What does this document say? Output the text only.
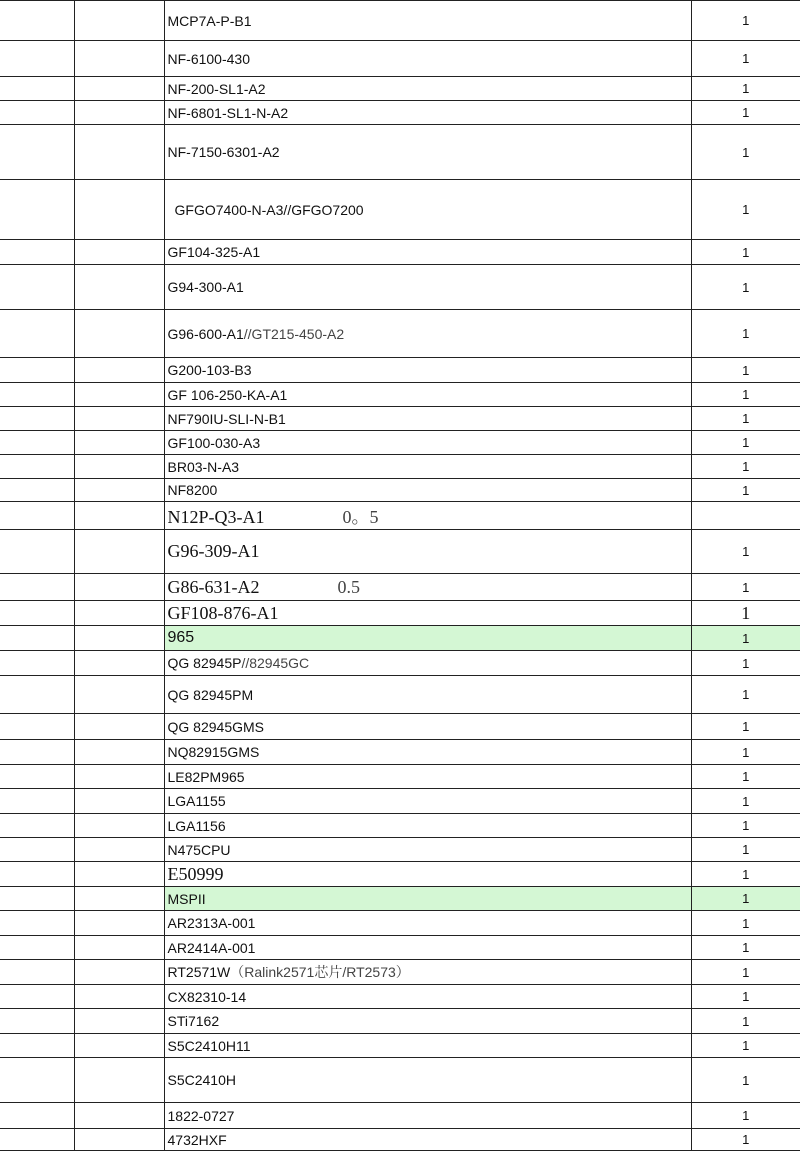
		MCP7A-P-B1	1
		NF-6100-430	1
		NF-200-SL1-A2	1
		NF-6801-SL1-N-A2	1
		NF-7150-6301-A2	1
		GFGO7400-N-A3//GFGO7200	1
		GF104-325-A1	1
		G94-300-A1	1
		G96-600-A1//GT215-450-A2	1
		G200-103-B3	1
		GF 106-250-KA-A1	1
		NF790IU-SLI-N-B1	1
		GF100-030-A3	1
		BR03-N-A3	1
		NF8200	1
		N12P-Q3-A1 0。5	
		G96-309-A1	1
		G86-631-A2 0.5	1
		GF108-876-A1	1
		965	1
		QG 82945P//82945GC	1
		QG 82945PM	1
		QG 82945GMS	1
		NQ82915GMS	1
		LE82PM965	1
		LGA1155	1
		LGA1156	1
		N475CPU	1
		E50999	1
		MSPII	1
		AR2313A-001	1
		AR2414A-001	1
		RT2571W（Ralink2571芯片/RT2573）	1
		CX82310-14	1
		STi7162	1
		S5C2410H11	1
		S5C2410H	1
		1822-0727	1
		4732HXF	1
